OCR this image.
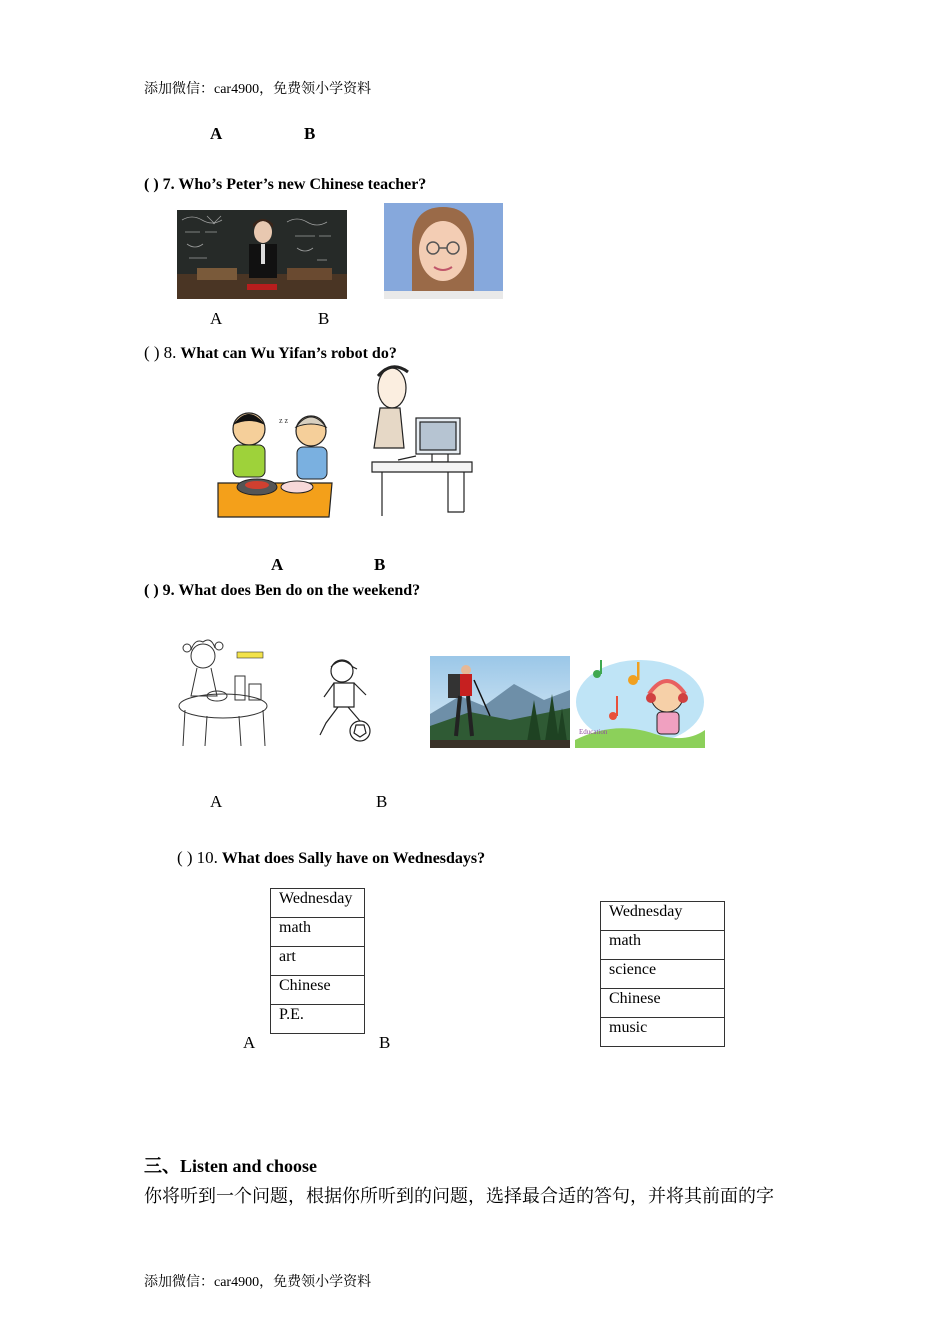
添加微信：car4900，免费领小学资料
A	B
( ) 7. Who’s Peter’s new Chinese teacher?
A	B
( ) 8. What can Wu Yifan’s robot do?
z z
A	B
( ) 9. What does Ben do on the weekend?
Education
A	B
( ) 10. What does Sally have on Wednesdays?
Wednesday
math
art
Chinese
P.E.
Wednesday
math
science
Chinese
music
A	B
三、Listen and choose
你将听到一个问题，根据你所听到的问题，选择最合适的答句，并将其前面的字
添加微信：car4900，免费领小学资料
